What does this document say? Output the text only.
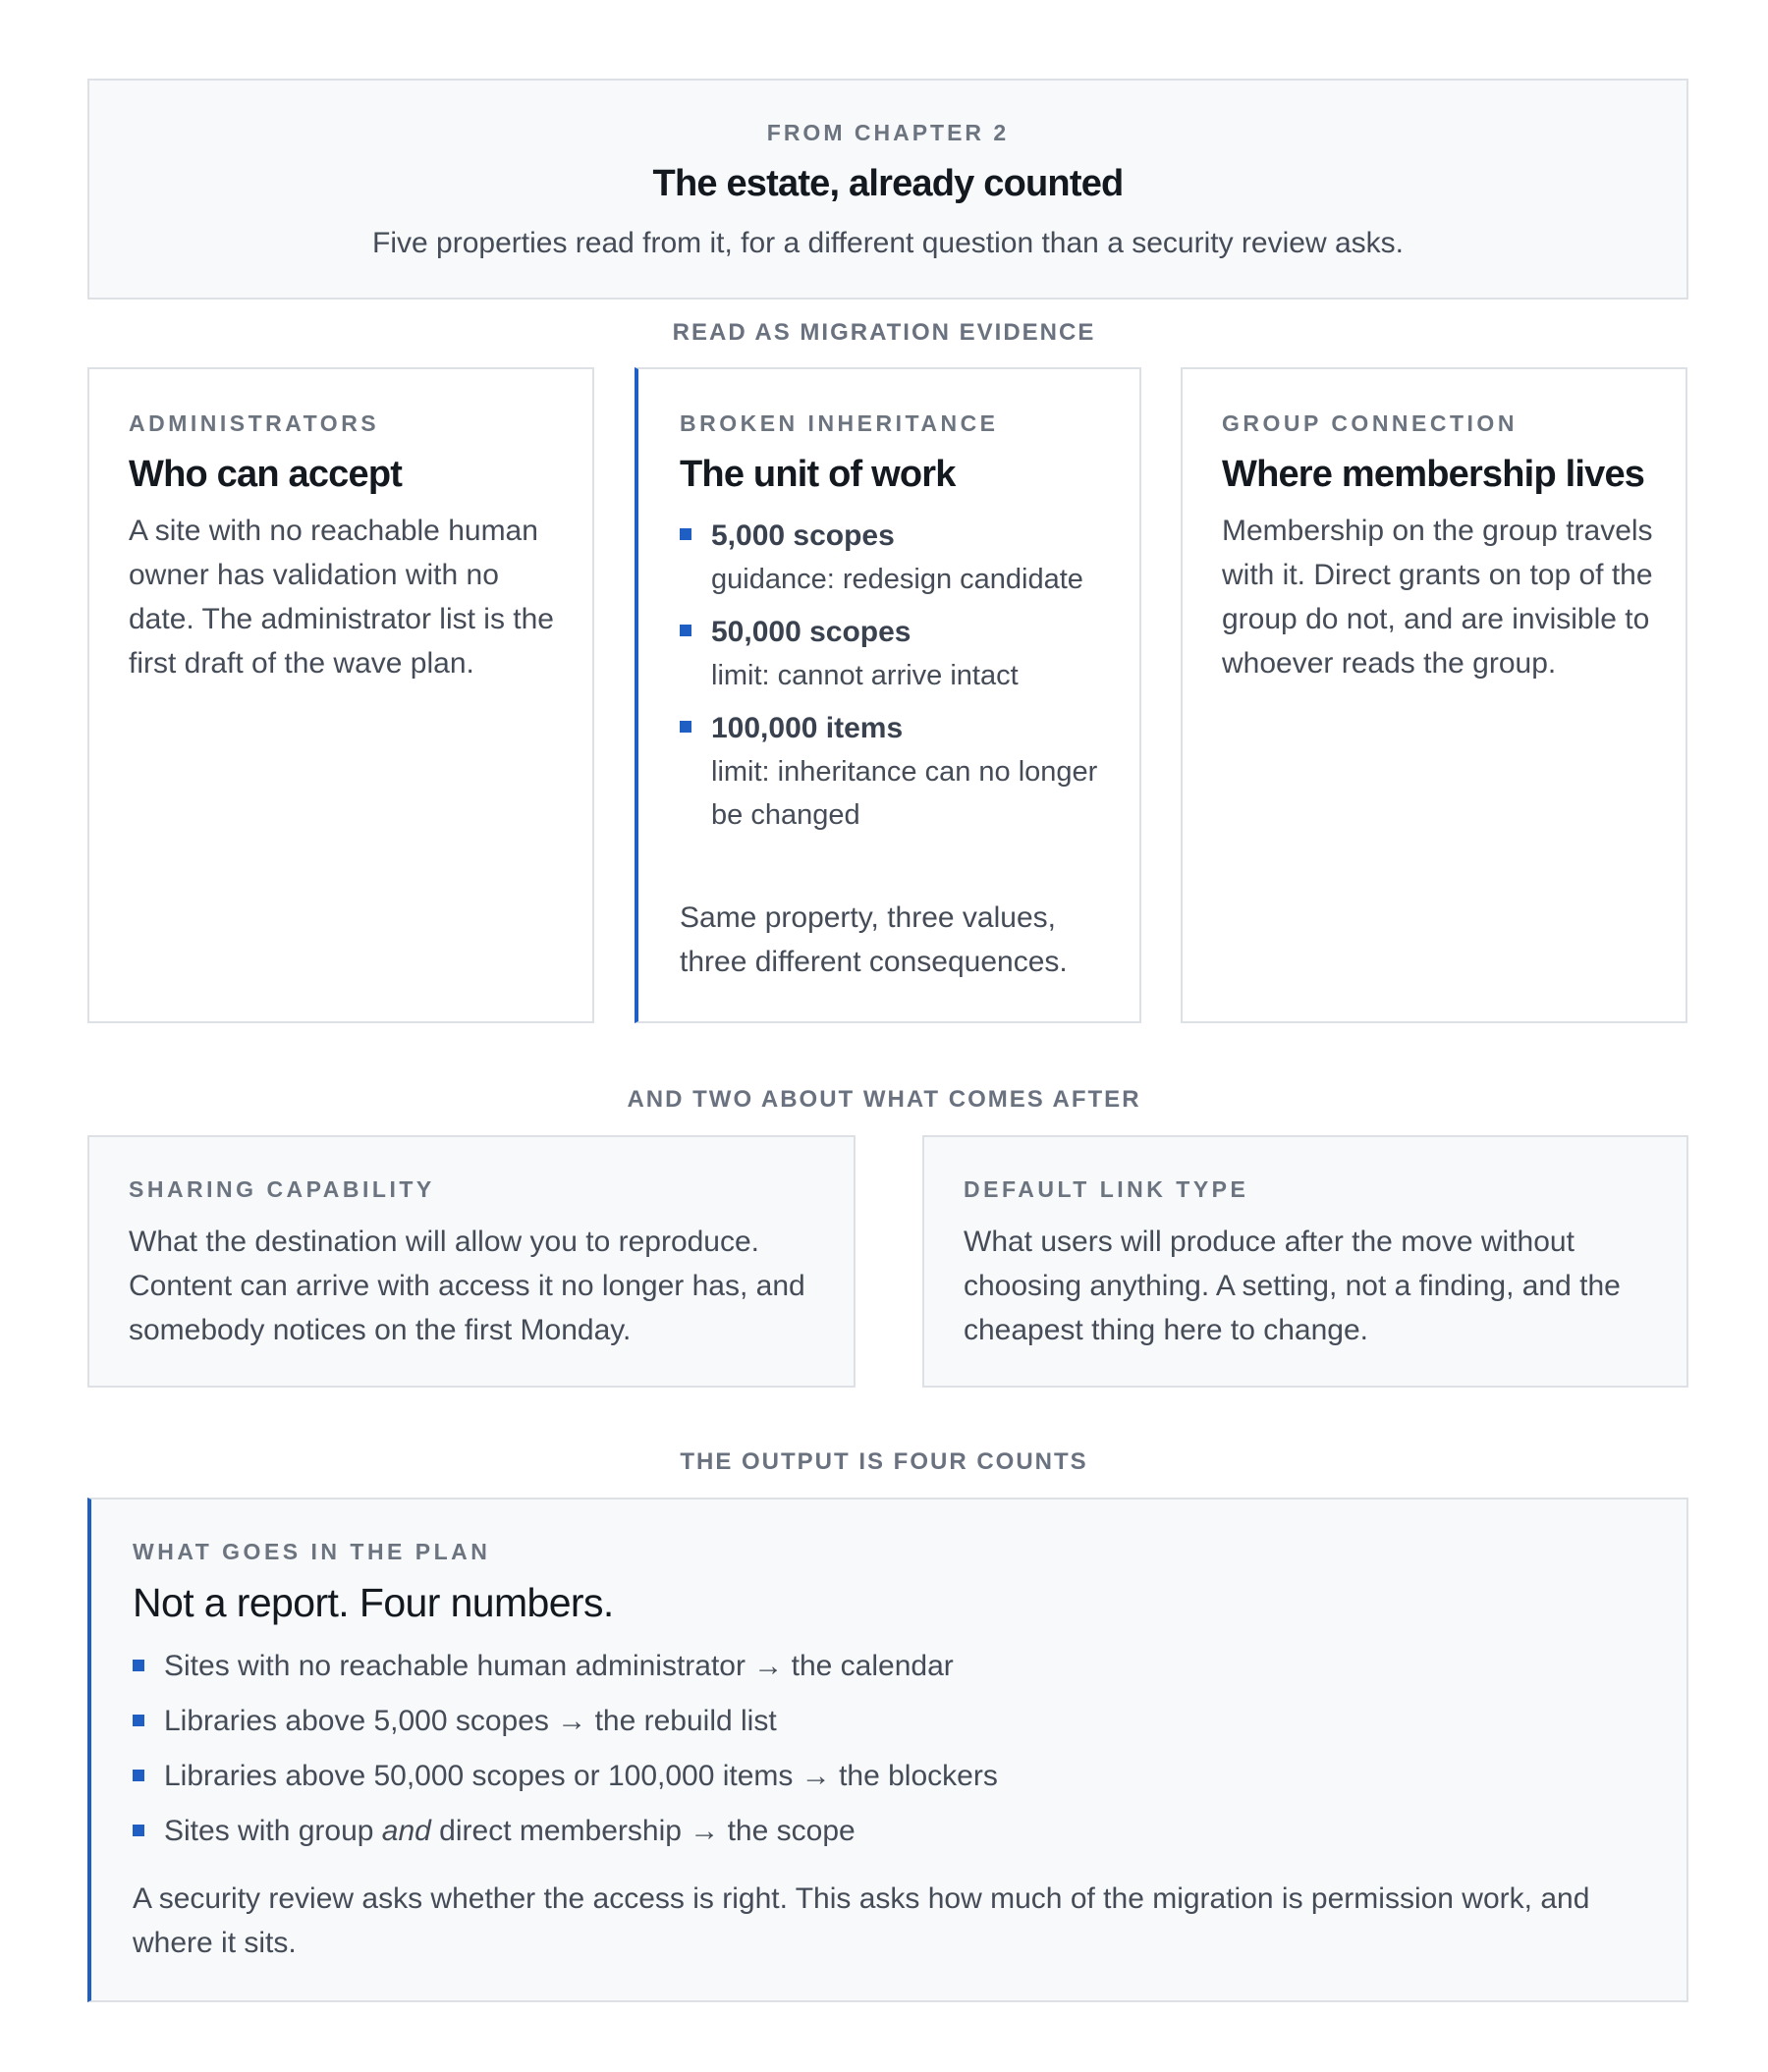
FROM CHAPTER 2
The estate, already counted
Five properties read from it, for a different question than a security review asks.
READ AS MIGRATION EVIDENCE
ADMINISTRATORS
Who can accept
A site with no reachable human owner has validation with no date. The administrator list is the first draft of the wave plan.
BROKEN INHERITANCE
The unit of work
5,000 scopes
guidance: redesign candidate
50,000 scopes
limit: cannot arrive intact
100,000 items
limit: inheritance can no longer be changed
Same property, three values, three different consequences.
GROUP CONNECTION
Where membership lives
Membership on the group travels with it. Direct grants on top of the group do not, and are invisible to whoever reads the group.
AND TWO ABOUT WHAT COMES AFTER
SHARING CAPABILITY
What the destination will allow you to reproduce. Content can arrive with access it no longer has, and somebody notices on the first Monday.
DEFAULT LINK TYPE
What users will produce after the move without choosing anything. A setting, not a finding, and the cheapest thing here to change.
THE OUTPUT IS FOUR COUNTS
WHAT GOES IN THE PLAN
Not a report. Four numbers.
Sites with no reachable human administrator → the calendar
Libraries above 5,000 scopes → the rebuild list
Libraries above 50,000 scopes or 100,000 items → the blockers
Sites with group and direct membership → the scope
A security review asks whether the access is right. This asks how much of the migration is permission work, and where it sits.
